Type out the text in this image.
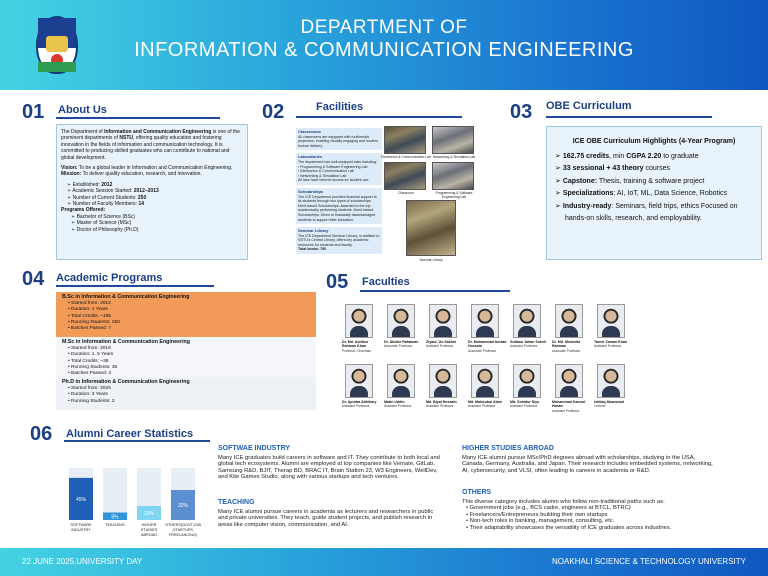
DEPARTMENT OF
INFORMATION & COMMUNICATION ENGINEERING
01 About Us

The Department of Information and Communication Engineering is one of the prominent departments of NSTU, offering quality education and fostering innovation in the fields of information and communication technology. It is committed to producing skilled graduates who can contribute to national and global development.

Vision: To be a global leader in Information and Communication Engineering.
Mission: To deliver quality education, research, and innovation.

➢ Established: 2012
➢ Academic Session Started: 2012–2013
➢ Number of Current Students: 250
➢ Number of Faculty Members: 14
Programs Offered:
➢ Bachelor of Science (BSc)
➢ Master of Science (MSc)
➢ Doctor of Philosophy (Ph.D)
02	Facilities
Classrooms
All classrooms are equipped with multimedia projectors, enabling visually engaging and modern lecture delivery.
Laboratories
The department has well-equipped labs including:
› Programming & Software Engineering Lab
› Electronics & Communication Lab
› Networking & Simulation Lab
All labs have internet access for student use.
Scholarships
The ICE Department provides financial support to its students through two types of scholarships: Merit-based Scholarships: Awarded to the top academically performing students. Need-based Scholarships: Given to financially disadvantaged students to support their education.
Seminar Library
The ICE Department Seminar Library, in addition to NSTU's Central Library, offers key academic resources for students and faculty.
Total books: 750
Electronics & Communication Lab Networking & Simulation Lab
Classroom	Programming & Software Engineering Lab
Seminar Library
03 OBE Curriculum
ICE OBE Curriculum Highlights (4-Year Program)
➢ 162.75 credits, min CGPA 2.20 to graduate
➢ 33 sessional + 43 theory courses
➢ Capstone: Thesis, training & software project
➢ Specializations: AI, IoT, ML, Data Science, Robotics
➢ Industry-ready: Seminars, field trips, ethics Focused on hands-on skills, research, and employability.
04 Academic Programs
B.Sc in Information & Communication Engineering
• Started from: 2012
• Duration: 4 Years
• Total Credits: ~165
• Running Students: 250
• Batches Passed: 7
M.Sc in Information & Communication Engineering
• Started from: 2018
• Duration: 1. 5 Years
• Total Credits: ~38
• Running Students: 35
• Batches Passed: 3
Ph.D in Information & Communication Engineering
• Started from: 2025
• Duration: 3 Years
• Running Students: 2
05 Faculties
Dr. Md. Ashikur Rahman Khan
Professor, Chairman
Dr. Abidur Rahaman
Associate Professor
Ziyaul- Ue-Sakhin
Assistant Professor
Dr. Mohammad Amzad Hossain
Associate Professor
Sultana Jahan Soheli
Assistant Professor
Dr. Md. Mostofar Rahman
Associate Professor
Tanvir Zaman Khan
Assistant Professor
Dr. Apurba Adhikary
Assistant Professor
Matin Uddin
Assistant Professor
Md. Biyal Hossain
Assistant Professor
Md. Mahbubul Alam
Assistant Professor
Md. Sohidur Siyu
Assistant Professor
Mohammad Kamrul Hasan
Assistant Professor
Ishtiaq Ahammad
Lecturer
06 Alumni Career Statistics
45%
SOFTWARE
INDUSTRY
8%
TEACHING
15%
HIGHER
STUDIES
ABROAD
32%
OTHERS(GOVT.JOB
,STARTUPS,
FREELANCING)
SOFTWAE INDUSTRY
Many ICE graduates build careers in software and IT. They contribute to both local and global tech ecosystems. Alumni are employed at top companies like Vemate, GitLab, Samsung R&D, BJIT, Therap BD, BRAC IT, Brain Station 23, W3 Engineers, WellDev, and Kite Games Studio, along with various startups and tech ventures.
TEACHING
Many ICE alumni pursue careers in academia as lecturers and researchers in public and private universities. They teach, guide student projects, and publish research in areas like computer vision, communication, and AI.
HIGHER STUDIES ABROAD
Many ICE alumni pursue MSc/PhD degrees abroad with scholarships, studying in the USA, Canada, Germany, Australia, and Japan. Their research includes embedded systems, networking, AI, cybersecurity, and VLSI, often leading to careers in academia or R&D.
OTHERS
This diverse category includes alumni who follow non-traditional paths such as:
• Government jobs (e.g., BCS cadre, engineers at BTCL, BTRC)
• Freelancers/Entrepreneurs building their own startups
• Non-tech roles in banking, management, consulting, etc.
• Their adaptability showcases the versatility of ICE graduates across industries.
22 JUNE 2025,UNIVERSITY DAY	NOAKHALI SCIENCE & TECHNOLOGY UNIVERSITY
